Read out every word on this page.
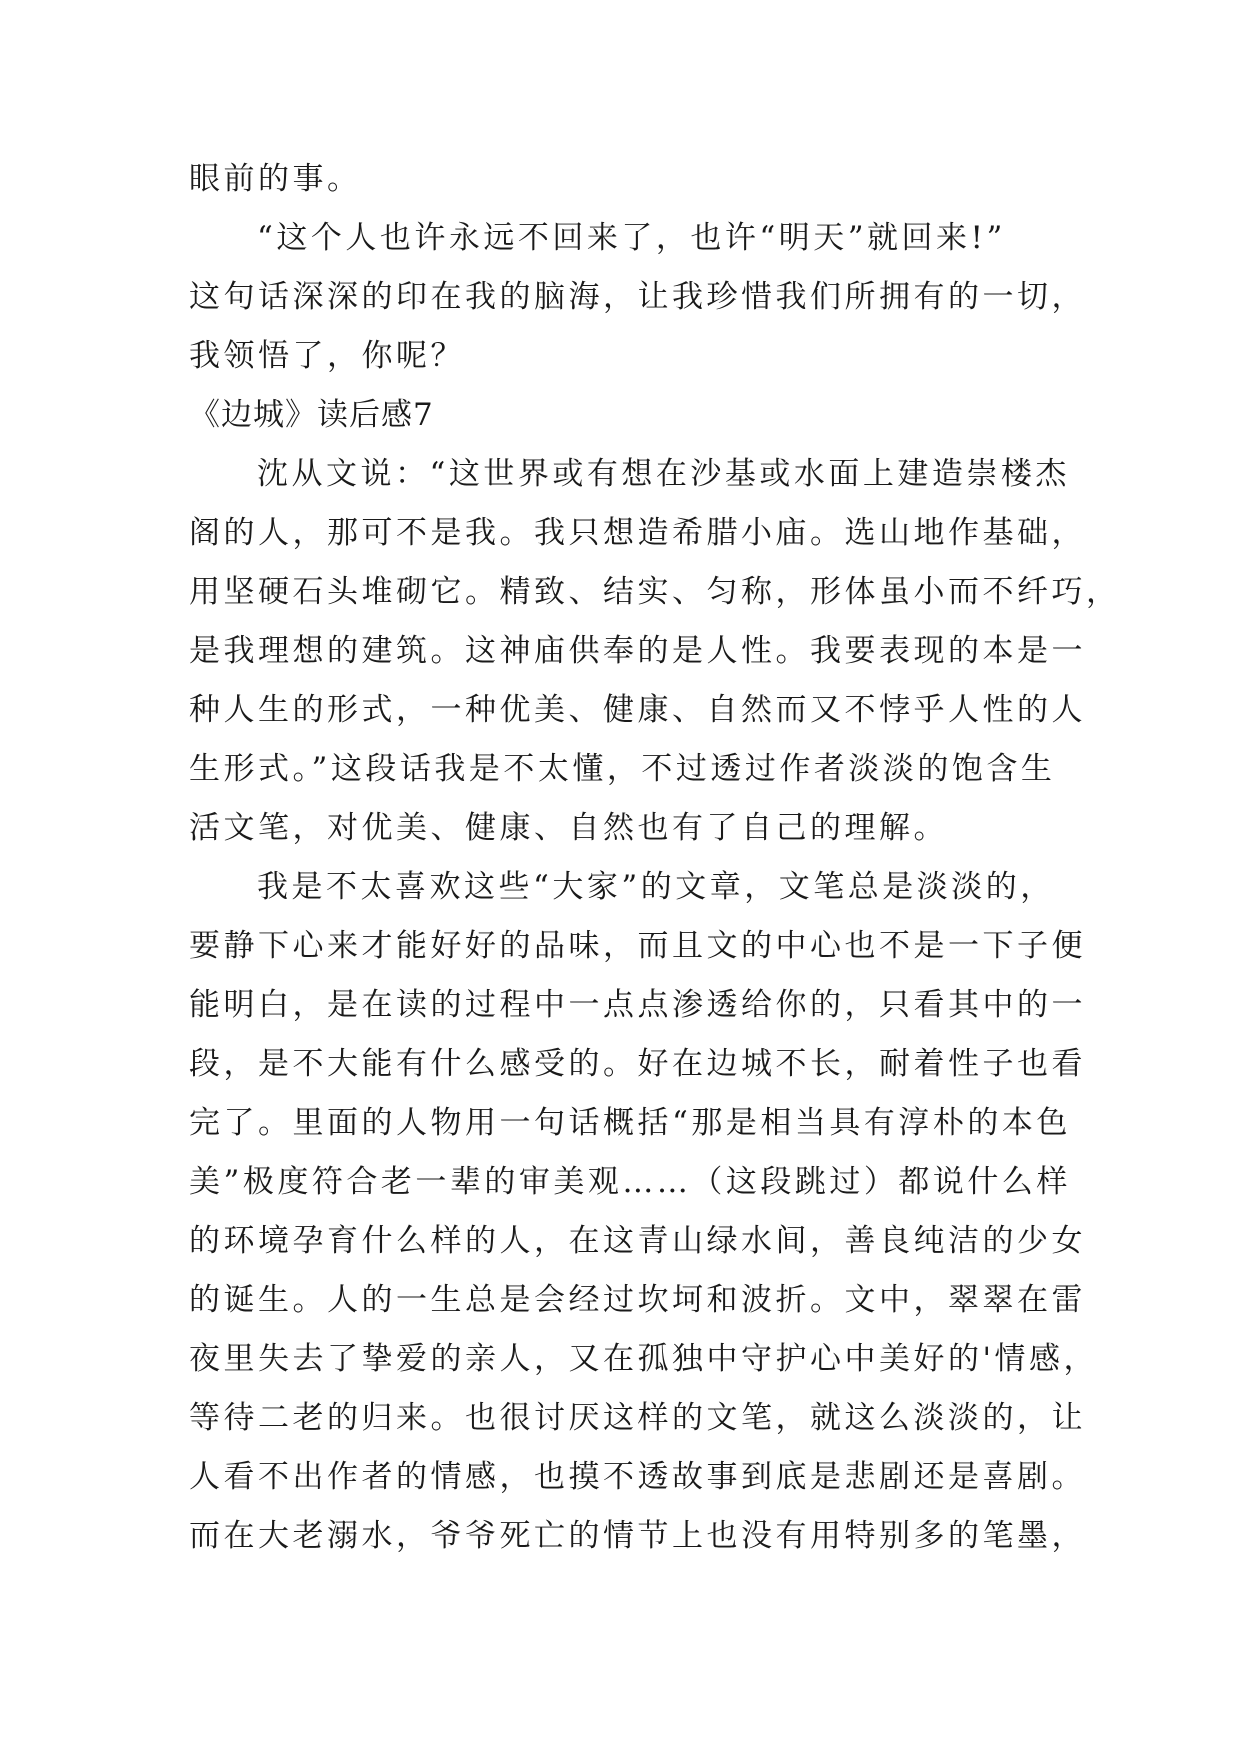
眼前的事。
“这个人也许永远不回来了，也许“明天”就回来!”
这句话深深的印在我的脑海，让我珍惜我们所拥有的一切，
我领悟了，你呢？
《边城》读后感7
沈从文说：“这世界或有想在沙基或水面上建造崇楼杰
阁的人，那可不是我。我只想造希腊小庙。选山地作基础，
用坚硬石头堆砌它。精致、结实、匀称，形体虽小而不纤巧，
是我理想的建筑。这神庙供奉的是人性。我要表现的本是一
种人生的形式，一种优美、健康、自然而又不悖乎人性的人
生形式。”这段话我是不太懂，不过透过作者淡淡的饱含生
活文笔，对优美、健康、自然也有了自己的理解。
我是不太喜欢这些“大家”的文章，文笔总是淡淡的，
要静下心来才能好好的品味，而且文的中心也不是一下子便
能明白，是在读的过程中一点点渗透给你的，只看其中的一
段，是不大能有什么感受的。好在边城不长，耐着性子也看
完了。里面的人物用一句话概括“那是相当具有淳朴的本色
美”极度符合老一辈的审美观……（这段跳过）都说什么样
的环境孕育什么样的人，在这青山绿水间，善良纯洁的少女
的诞生。人的一生总是会经过坎坷和波折。文中，翠翠在雷
夜里失去了挚爱的亲人，又在孤独中守护心中美好的'情感，
等待二老的归来。也很讨厌这样的文笔，就这么淡淡的，让
人看不出作者的情感，也摸不透故事到底是悲剧还是喜剧。
而在大老溺水，爷爷死亡的情节上也没有用特别多的笔墨，
